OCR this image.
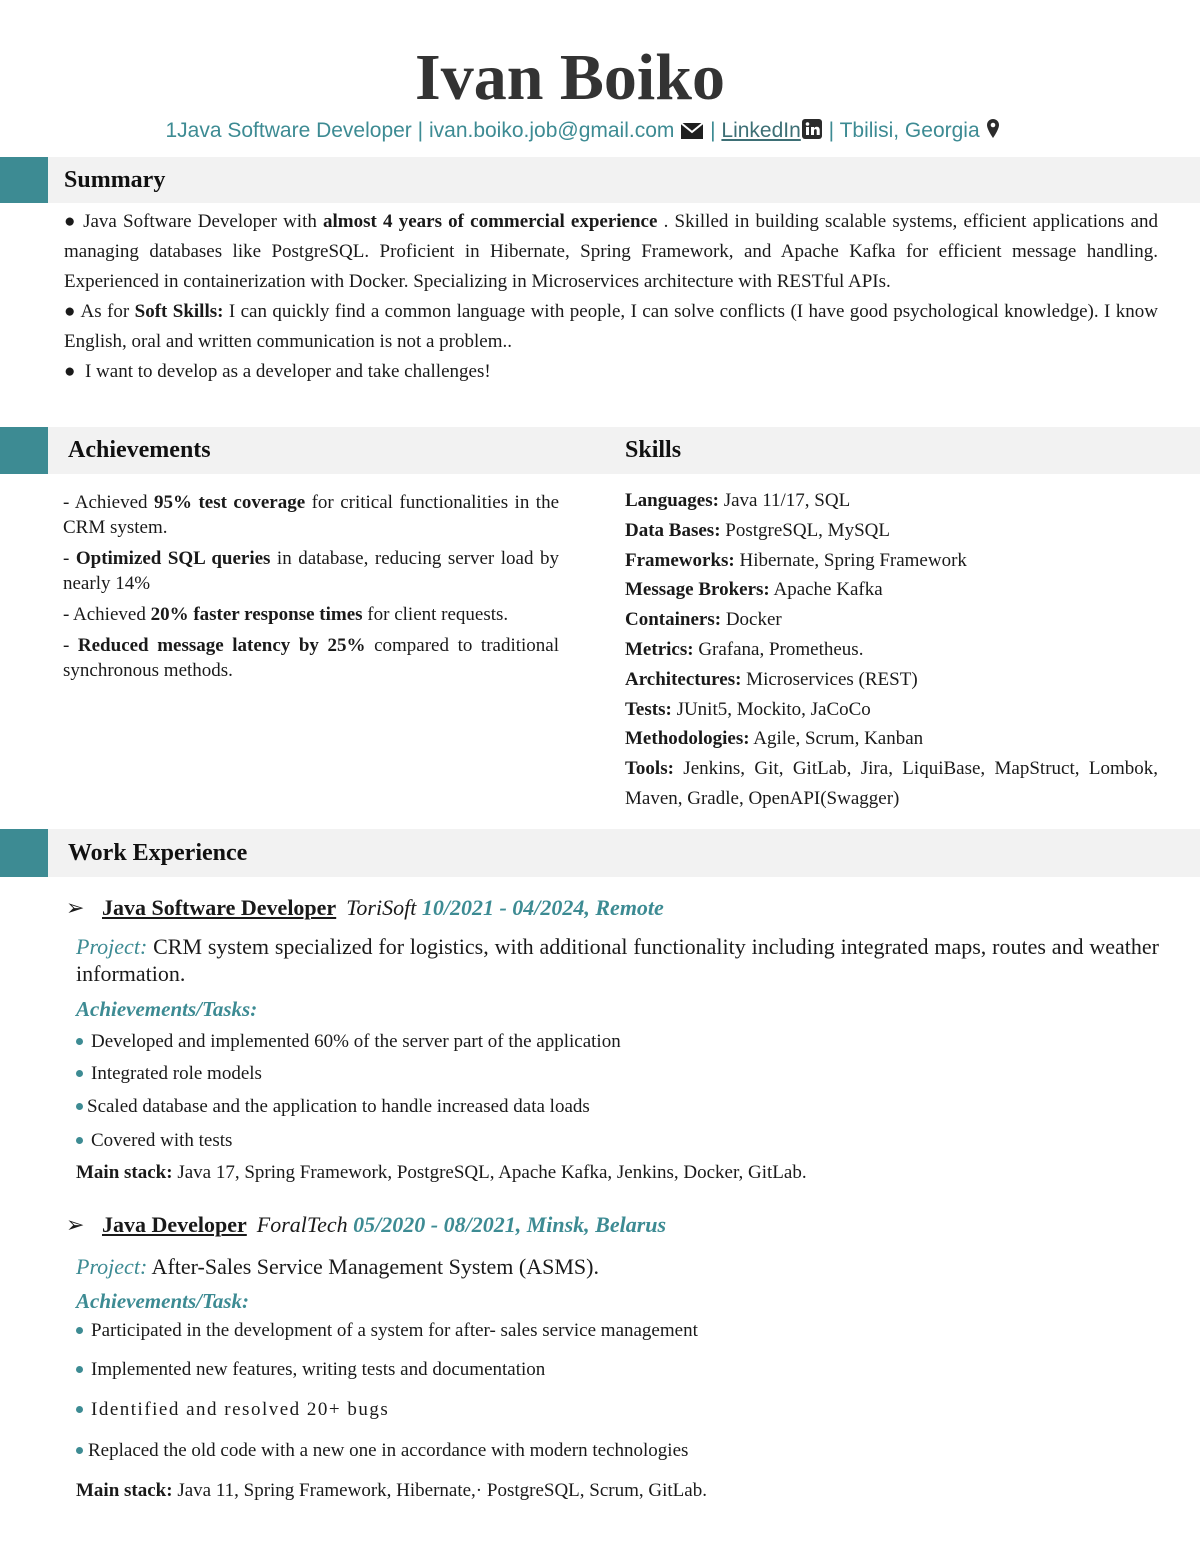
Ivan Boiko
1Java Software Developer | ivan.boiko.job@gmail.com | LinkedIn | Tbilisi, Georgia
Summary
● Java Software Developer with almost 4 years of commercial experience . Skilled in building scalable systems, efficient applications and managing databases like PostgreSQL. Proficient in Hibernate, Spring Framework, and Apache Kafka for efficient message handling. Experienced in containerization with Docker. Specializing in Microservices architecture with RESTful APIs.
● As for Soft Skills: I can quickly find a common language with people, I can solve conflicts (I have good psychological knowledge). I know English, oral and written communication is not a problem..
●  I want to develop as a developer and take challenges!
Achievements	Skills

- Achieved 95% test coverage for critical functionalities in the CRM system.

- Optimized SQL queries in database, reducing server load by nearly 14%

- Achieved 20% faster response times for client requests.

- Reduced message latency by 25% compared to traditional synchronous methods.

Languages: Java 11/17, SQL
Data Bases: PostgreSQL, MySQL
Frameworks: Hibernate, Spring Framework
Message Brokers: Apache Kafka
Containers: Docker
Metrics: Grafana, Prometheus.
Architectures: Microservices (REST)
Tests: JUnit5, Mockito, JaCoCo
Methodologies: Agile, Scrum, Kanban
Tools: Jenkins, Git, GitLab, Jira, LiquiBase, MapStruct, Lombok, Maven, Gradle, OpenAPI(Swagger)
Work Experience
➢ Java Software Developer ToriSoft 10/2021 - 04/2024, Remote
Project: CRM system specialized for logistics, with additional functionality including integrated maps, routes and weather information.
Achievements/Tasks:
Developed and implemented 60% of the server part of the application
Integrated role models
Scaled database and the application to handle increased data loads
Covered with tests
Main stack: Java 17, Spring Framework, PostgreSQL, Apache Kafka, Jenkins, Docker, GitLab.
➢ Java Developer ForalTech 05/2020 - 08/2021, Minsk, Belarus
Project: After-Sales Service Management System (ASMS).
Achievements/Task:
Participated in the development of a system for after- sales service management
Implemented new features, writing tests and documentation
Identified and resolved 20+ bugs
Replaced the old code with a new one in accordance with modern technologies
Main stack: Java 11, Spring Framework, Hibernate,· PostgreSQL, Scrum, GitLab.
